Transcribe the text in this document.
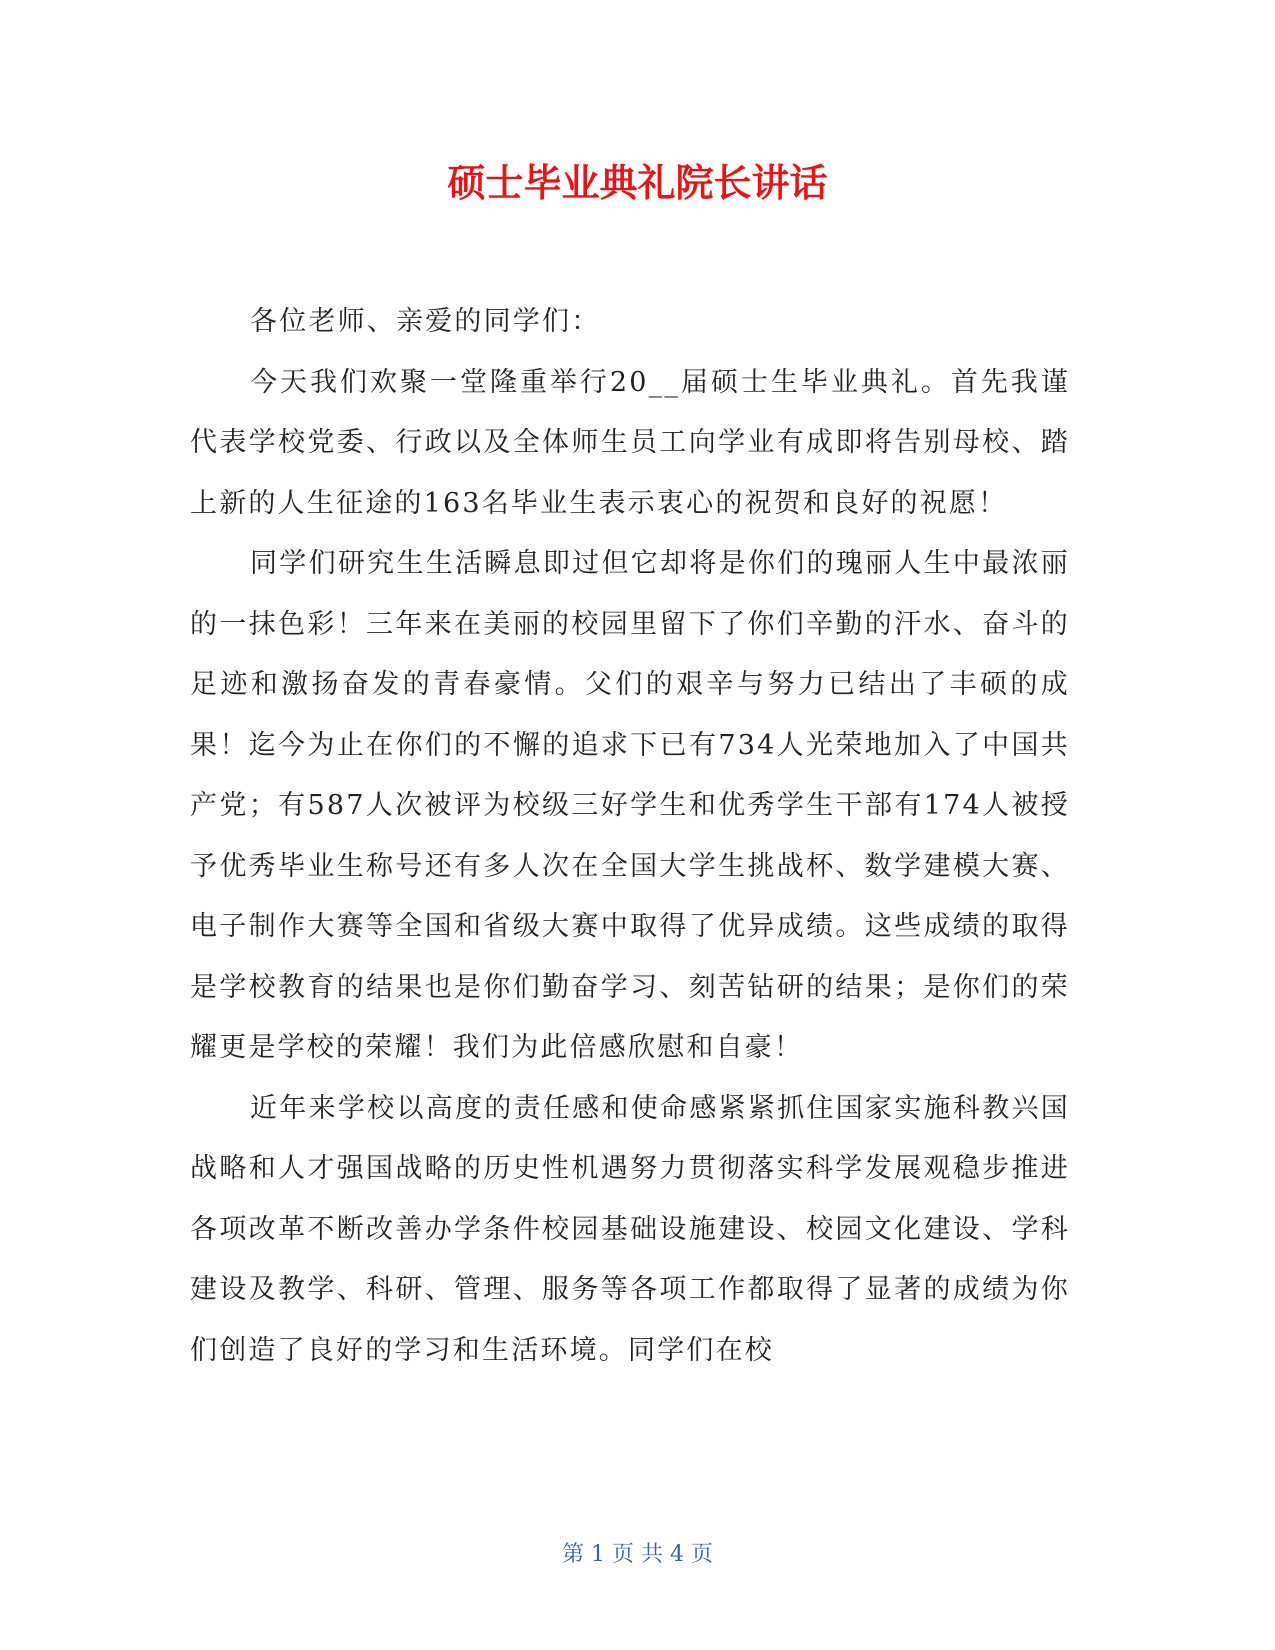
硕士毕业典礼院长讲话

各位老师、亲爱的同学们：

今天我们欢聚一堂隆重举行20__届硕士生毕业典礼。首先我谨代表学校党委、行政以及全体师生员工向学业有成即将告别母校、踏上新的人生征途的163名毕业生表示衷心的祝贺和良好的祝愿！

同学们研究生生活瞬息即过但它却将是你们的瑰丽人生中最浓丽的一抹色彩！三年来在美丽的校园里留下了你们辛勤的汗水、奋斗的足迹和激扬奋发的青春豪情。父们的艰辛与努力已结出了丰硕的成果！迄今为止在你们的不懈的追求下已有734人光荣地加入了中国共产党；有587人次被评为校级三好学生和优秀学生干部有174人被授予优秀毕业生称号还有多人次在全国大学生挑战杯、数学建模大赛、电子制作大赛等全国和省级大赛中取得了优异成绩。这些成绩的取得是学校教育的结果也是你们勤奋学习、刻苦钻研的结果；是你们的荣耀更是学校的荣耀！我们为此倍感欣慰和自豪！

近年来学校以高度的责任感和使命感紧紧抓住国家实施科教兴国战略和人才强国战略的历史性机遇努力贯彻落实科学发展观稳步推进各项改革不断改善办学条件校园基础设施建设、校园文化建设、学科建设及教学、科研、管理、服务等各项工作都取得了显著的成绩为你们创造了良好的学习和生活环境。同学们在校

第 1 页 共 4 页
